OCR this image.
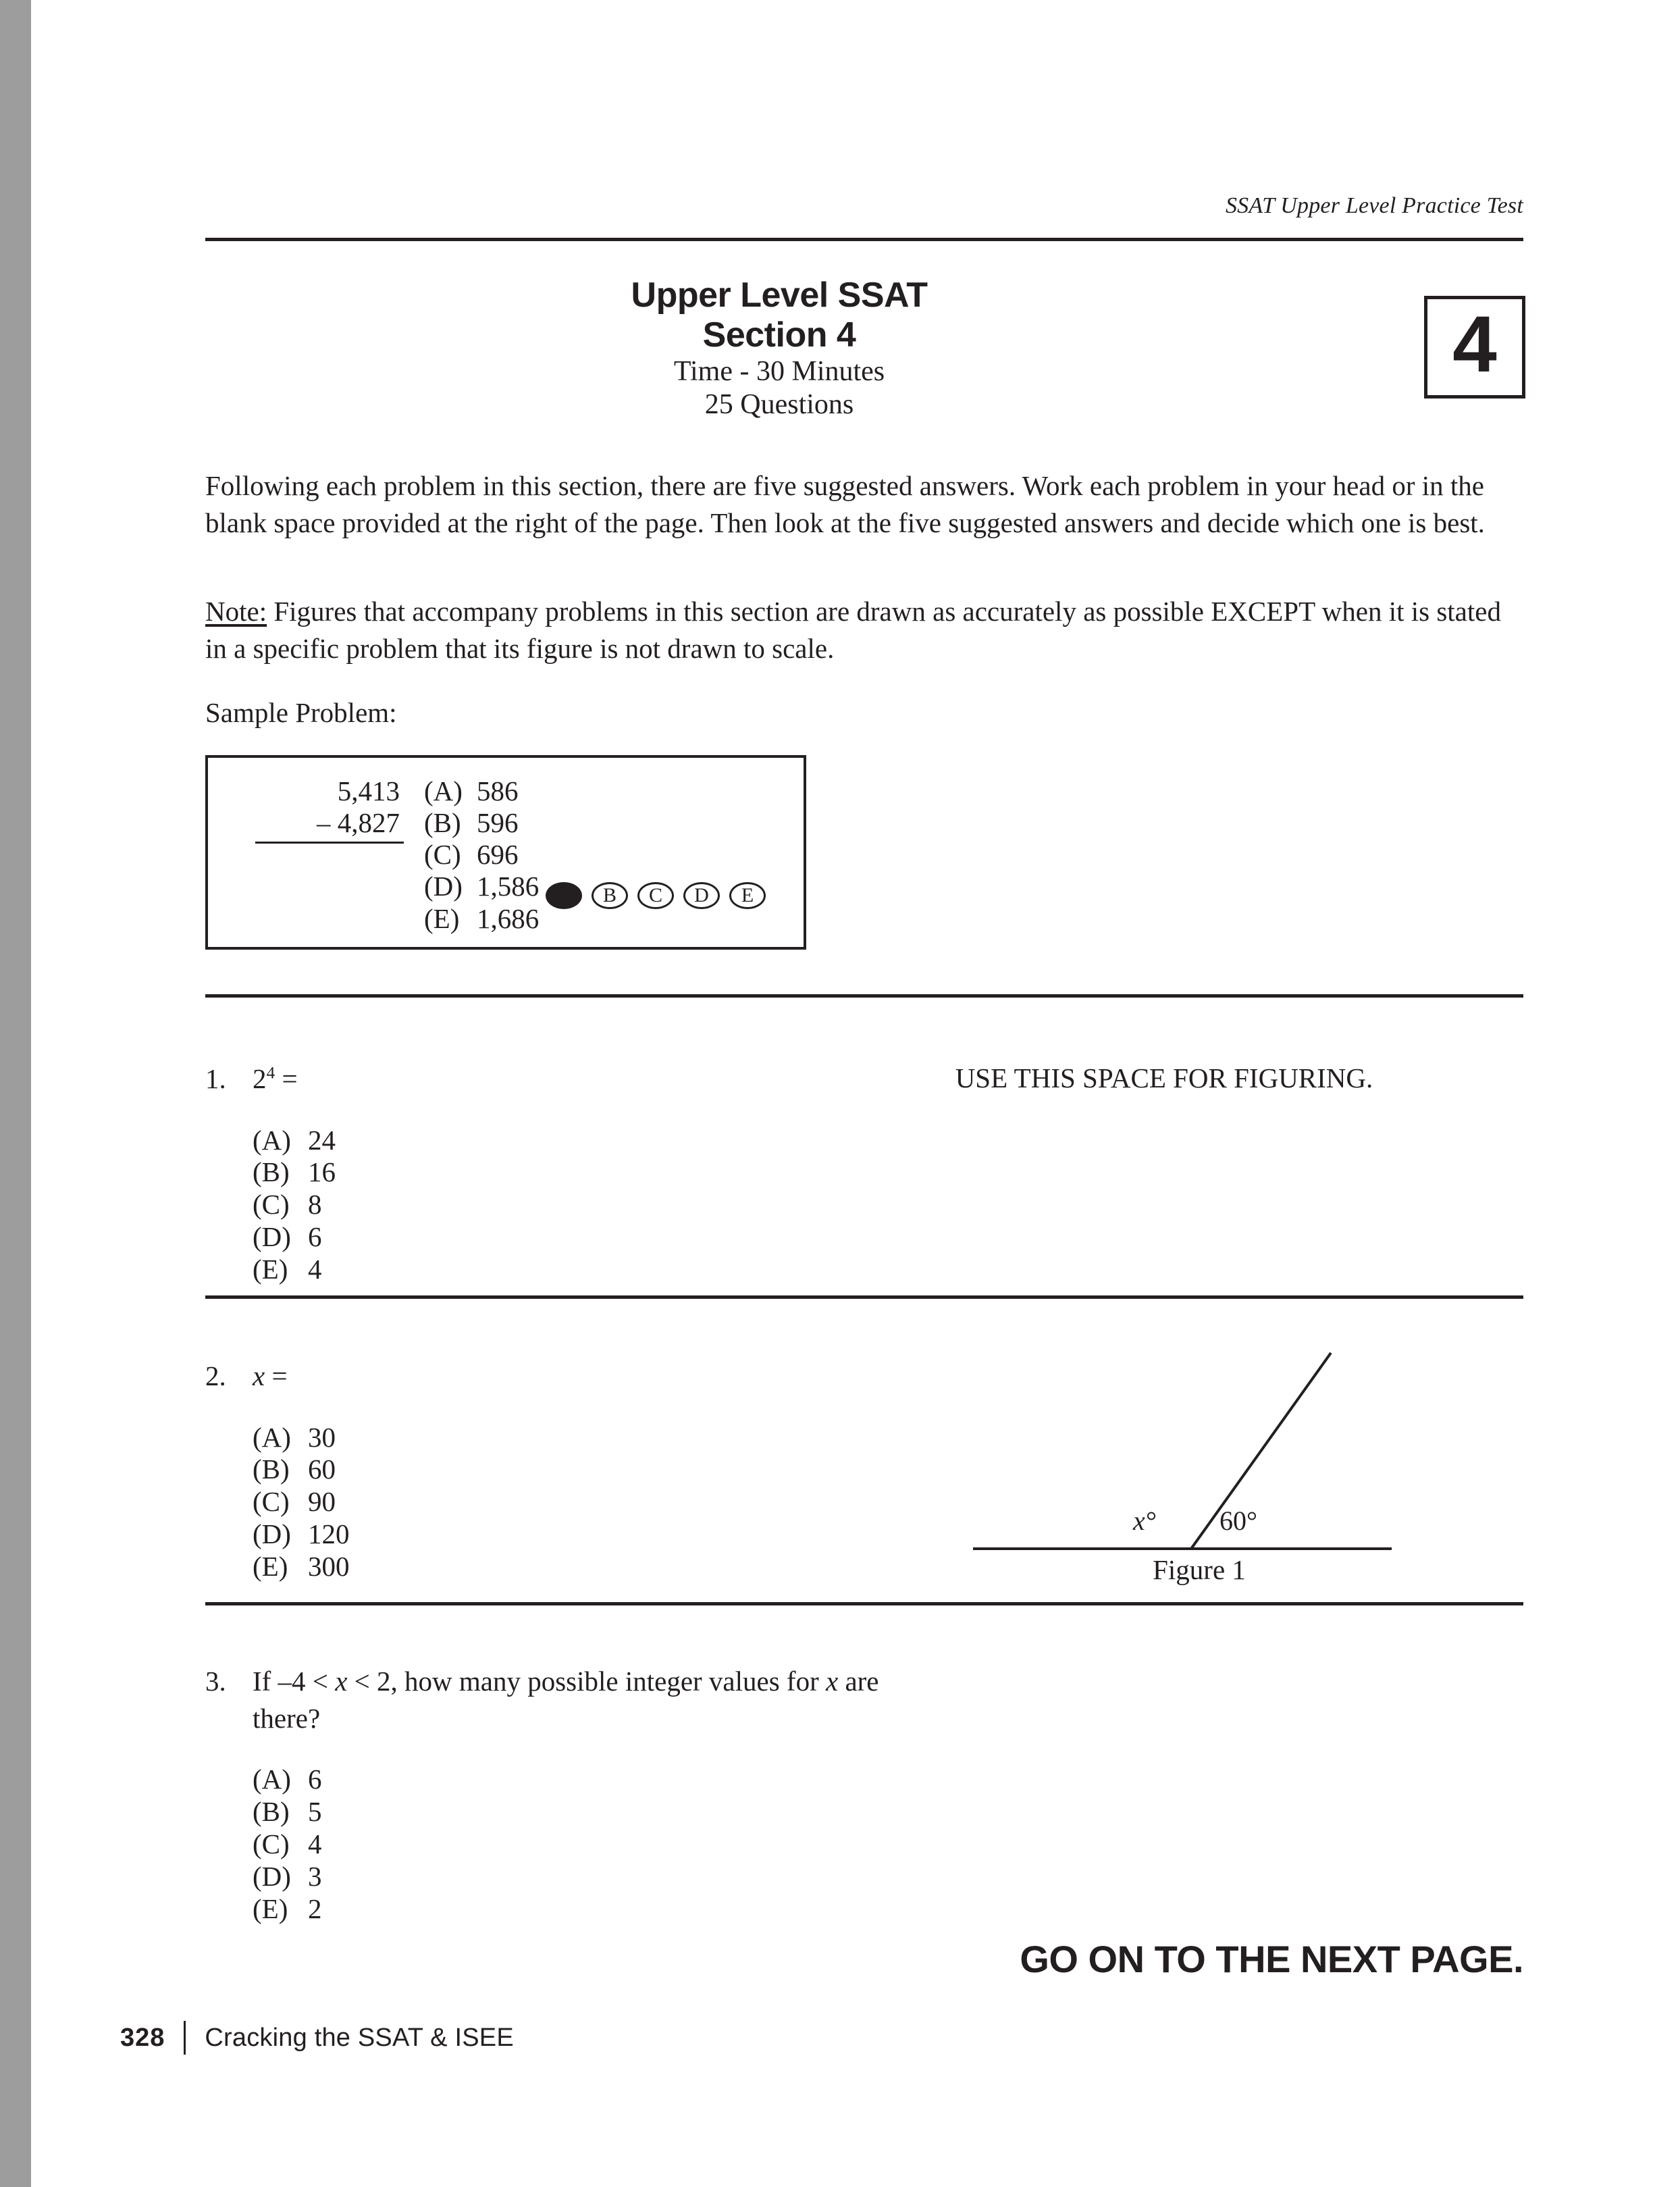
SSAT Upper Level Practice Test
Upper Level SSAT
Section 4
Time - 30 Minutes
25 Questions
4
Following each problem in this section, there are five suggested answers. Work each problem in your head or in the blank space provided at the right of the page. Then look at the five suggested answers and decide which one is best.
Note: Figures that accompany problems in this section are drawn as accurately as possible EXCEPT when it is stated in a specific problem that its figure is not drawn to scale.
Sample Problem:
5,413
– 4,827
(A) 586
(B) 596
(C) 696
(D) 1,586
(E) 1,686
B	C	D	E
USE THIS SPACE FOR FIGURING.
1. $2^4$ =
(A) 24
(B) 16
(C) 8
(D) 6
(E) 4
2. x =
(A) 30
(B) 60
(C) 90
(D) 120
(E) 300
x° 60°
Figure 1
3. If –4 < x < 2, how many possible integer values for x are there?
(A) 6
(B) 5
(C) 4
(D) 3
(E) 2
GO ON TO THE NEXT PAGE.
328 Cracking the SSAT & ISEE
